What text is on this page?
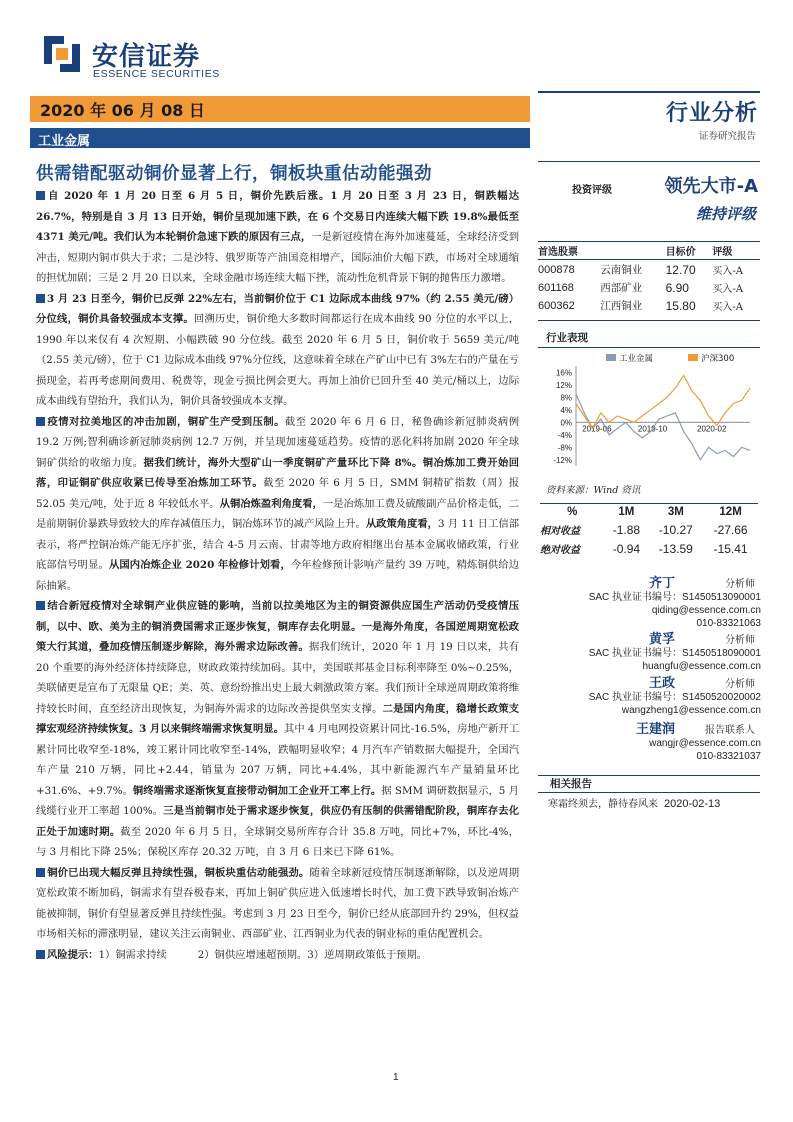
安信证券
ESSENCE SECURITIES
2020 年 06 月 08 日
工业金属
行业分析
证券研究报告
供需错配驱动铜价显著上行，铜板块重估动能强劲

自 2020 年 1 月 20 日至 6 月 5 日，铜价先跌后涨。1 月 20 日至 3 月 23 日，铜跌幅达 26.7%，特别是自 3 月 13 日开始，铜价呈现加速下跌，在 6 个交易日内连续大幅下跌 19.8%最低至 4371 美元/吨。我们认为本轮铜价急速下跌的原因有三点，一是新冠疫情在海外加速蔓延，全球经济受到冲击，短期内铜市供大于求；二是沙特、俄罗斯等产油国竞相增产，国际油价大幅下跌，市场对全球通缩的担忧加剧；三是 2 月 20 日以来，全球金融市场连续大幅下挫，流动性危机背景下铜的抛售压力激增。

3 月 23 日至今，铜价已反弹 22%左右，当前铜价位于 C1 边际成本曲线 97%（约 2.55 美元/磅）分位线，铜价具备较强成本支撑。回溯历史，铜价绝大多数时间都运行在成本曲线 90 分位的水平以上，1990 年以来仅有 4 次短期、小幅跌破 90 分位线。截至 2020 年 6 月 5 日，铜价收于 5659 美元/吨（2.55 美元/磅），位于 C1 边际成本曲线 97%分位线，这意味着全球在产矿山中已有 3%左右的产量在亏损现金，若再考虑期间费用、税费等，现金亏损比例会更大。再加上油价已回升至 40 美元/桶以上，边际成本曲线有望抬升，我们认为，铜价具备较强成本支撑。

疫情对拉美地区的冲击加剧，铜矿生产受到压制。截至 2020 年 6 月 6 日，秘鲁确诊新冠肺炎病例 19.2 万例;智利确诊新冠肺炎病例 12.7 万例，并呈现加速蔓延趋势。疫情的恶化料将加剧 2020 年全球铜矿供给的收缩力度。据我们统计，海外大型矿山一季度铜矿产量环比下降 8%。铜冶炼加工费开始回落，印证铜矿供应收紧已传导至冶炼加工环节。截至 2020 年 6 月 5 日，SMM 铜精矿指数（周）报 52.05 美元/吨，处于近 8 年较低水平。从铜冶炼盈利角度看，一是冶炼加工费及硫酸副产品价格走低，二是前期铜价暴跌导致较大的库存减值压力，铜冶炼环节的减产风险上升。从政策角度看，3 月 11 日工信部表示，将严控铜冶炼产能无序扩张，结合 4-5 月云南、甘肃等地方政府相继出台基本金属收储政策，行业底部信号明显。从国内冶炼企业 2020 年检修计划看，今年检修预计影响产量约 39 万吨，精炼铜供给边际抽紧。

结合新冠疫情对全球铜产业供应链的影响，当前以拉美地区为主的铜资源供应国生产活动仍受疫情压制，以中、欧、美为主的铜消费国需求正逐步恢复，铜库存去化明显。一是海外角度，各国逆周期宽松政策大行其道，叠加疫情压制逐步解除，海外需求边际改善。据我们统计，2020 年 1 月 19 日以来，共有 20 个重要的海外经济体持续降息，财政政策持续加码。其中，美国联邦基金目标利率降至 0%~0.25%，美联储更是宣布了无限量 QE；美、英、意纷纷推出史上最大刺激政策方案。我们预计全球逆周期政策将维持较长时间，直至经济出现恢复，为铜海外需求的边际改善提供坚实支撑。二是国内角度，稳增长政策支撑宏观经济持续恢复。3 月以来铜终端需求恢复明显。其中 4 月电网投资累计同比-16.5%，房地产新开工累计同比收窄至-18%，竣工累计同比收窄至-14%，跌幅明显收窄；4 月汽车产销数据大幅提升，全国汽车产量 210 万辆，同比+2.44，销量为 207 万辆，同比+4.4%，其中新能源汽车产量销量环比+31.6%、+9.7%。铜终端需求逐渐恢复直接带动铜加工企业开工率上行。据 SMM 调研数据显示，5 月线缆行业开工率超 100%。三是当前铜市处于需求逐步恢复，供应仍有压制的供需错配阶段，铜库存去化正处于加速时期。截至 2020 年 6 月 5 日，全球铜交易所库存合计 35.8 万吨，同比+7%，环比-4%，与 3 月相比下降 25%；保税区库存 20.32 万吨，自 3 月 6 日来已下降 61%。

铜价已出现大幅反弹且持续性强，铜板块重估动能强劲。随着全球新冠疫情压制逐渐解除，以及逆周期宽松政策不断加码，铜需求有望吞极春来，再加上铜矿供应进入低速增长时代，加工费下跌导致铜冶炼产能被抑制，铜价有望显著反弹且持续性强。考虑到 3 月 23 日至今，铜价已经从底部回升约 29%，但权益市场相关标的滞涨明显，建议关注云南铜业、西部矿业、江西铜业为代表的铜业标的重估配置机会。

风险提示：1）铜需求持续　　　2）铜供应增速超预期。3）逆周期政策低于预期。

投资评级	领先大市-A
维持评级
首选股票		目标价	评级
000878	云南铜业	12.70	买入-A
601168	西部矿业	6.90	买入-A
600362	江西铜业	15.80	买入-A
行业表现
工业金属	沪深300
16%
12%
8%
4%
0%
-4%
-8%
-12%
2019-06	2019-10	2020-02
资料来源：Wind 资讯
%	1M	3M	12M
相对收益	-1.88	-10.27	-27.66
绝对收益	-0.94	-13.59	-15.41
齐丁	分析师
SAC 执业证书编号：S1450513090001
qiding@essence.com.cn
010-83321063
黄孚	分析师
SAC 执业证书编号：S1450518090001
huangfu@essence.com.cn
王政	分析师
SAC 执业证书编号：S1450520020002
wangzheng1@essence.com.cn
王建润	报告联系人
wangjr@essence.com.cn
010-83321037
相关报告
寒霜终须去，静待春风来 2020-02-13
1
